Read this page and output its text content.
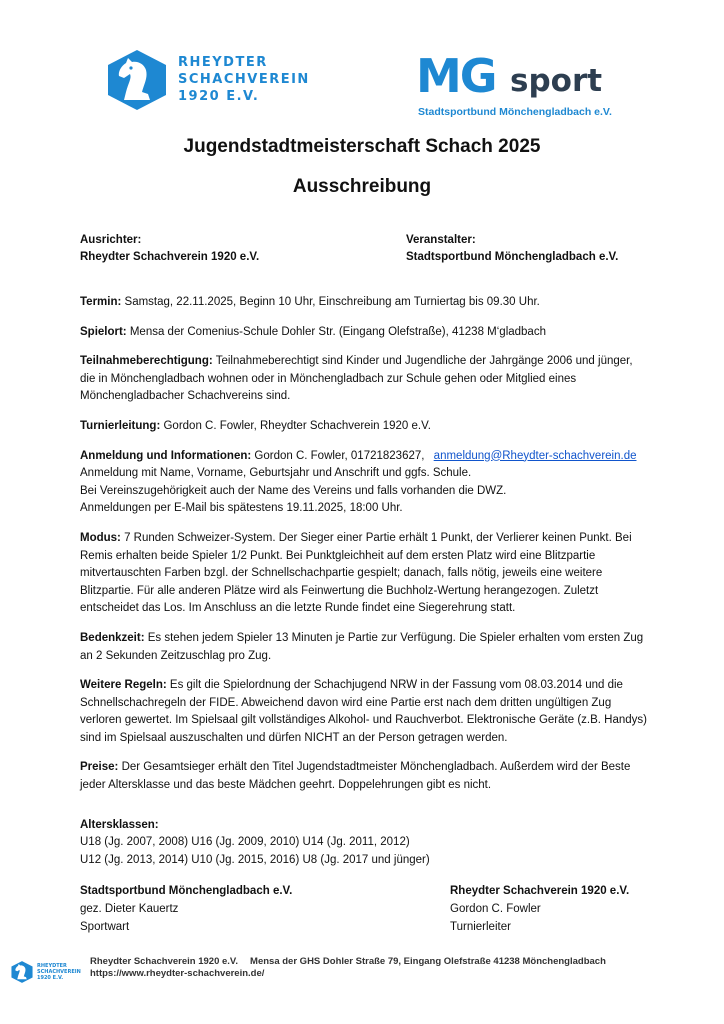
RHEYDTER
SCHACHVEREIN
1920 E.V.	MG sport
Stadtsportbund Mönchengladbach e.V.
Jugendstadtmeisterschaft Schach 2025
Ausschreibung
Ausrichter:
Rheydter Schachverein 1920 e.V.
Veranstalter:
Stadtsportbund Mönchengladbach e.V.

Termin: Samstag, 22.11.2025, Beginn 10 Uhr, Einschreibung am Turniertag bis 09.30 Uhr.

Spielort: Mensa der Comenius-Schule Dohler Str. (Eingang Olefstraße), 41238 M‘gladbach

Teilnahmeberechtigung: Teilnahmeberechtigt sind Kinder und Jugendliche der Jahrgänge 2006 und jünger,
die in Mönchengladbach wohnen oder in Mönchengladbach zur Schule gehen oder Mitglied eines
Mönchengladbacher Schachvereins sind.

Turnierleitung: Gordon C. Fowler, Rheydter Schachverein 1920 e.V.

Anmeldung und Informationen: Gordon C. Fowler, 01721823627, anmeldung@Rheydter-schachverein.de
Anmeldung mit Name, Vorname, Geburtsjahr und Anschrift und ggfs. Schule.
Bei Vereinszugehörigkeit auch der Name des Vereins und falls vorhanden die DWZ.
Anmeldungen per E-Mail bis spätestens 19.11.2025, 18:00 Uhr.

Modus: 7 Runden Schweizer-System. Der Sieger einer Partie erhält 1 Punkt, der Verlierer keinen Punkt. Bei
Remis erhalten beide Spieler 1/2 Punkt. Bei Punktgleichheit auf dem ersten Platz wird eine Blitzpartie
mitvertauschten Farben bzgl. der Schnellschachpartie gespielt; danach, falls nötig, jeweils eine weitere
Blitzpartie. Für alle anderen Plätze wird als Feinwertung die Buchholz-Wertung herangezogen. Zuletzt
entscheidet das Los. Im Anschluss an die letzte Runde findet eine Siegerehrung statt.

Bedenkzeit: Es stehen jedem Spieler 13 Minuten je Partie zur Verfügung. Die Spieler erhalten vom ersten Zug
an 2 Sekunden Zeitzuschlag pro Zug.

Weitere Regeln: Es gilt die Spielordnung der Schachjugend NRW in der Fassung vom 08.03.2014 und die
Schnellschachregeln der FIDE. Abweichend davon wird eine Partie erst nach dem dritten ungültigen Zug
verloren gewertet. Im Spielsaal gilt vollständiges Alkohol- und Rauchverbot. Elektronische Geräte (z.B. Handys)
sind im Spielsaal auszuschalten und dürfen NICHT an der Person getragen werden.

Preise: Der Gesamtsieger erhält den Titel Jugendstadtmeister Mönchengladbach. Außerdem wird der Beste
jeder Altersklasse und das beste Mädchen geehrt. Doppelehrungen gibt es nicht.

Altersklassen:
U18 (Jg. 2007, 2008) U16 (Jg. 2009, 2010) U14 (Jg. 2011, 2012)
U12 (Jg. 2013, 2014) U10 (Jg. 2015, 2016) U8 (Jg. 2017 und jünger)

Stadtsportbund Mönchengladbach e.V.
gez. Dieter Kauertz
Sportwart
Rheydter Schachverein 1920 e.V.
Gordon C. Fowler
Turnierleiter
RHEYDTER
SCHACHVEREIN
1920 E.V.
Rheydter Schachverein 1920 e.V. Mensa der GHS Dohler Straße 79, Eingang Olefstraße 41238 Mönchengladbach
https://www.rheydter-schachverein.de/
